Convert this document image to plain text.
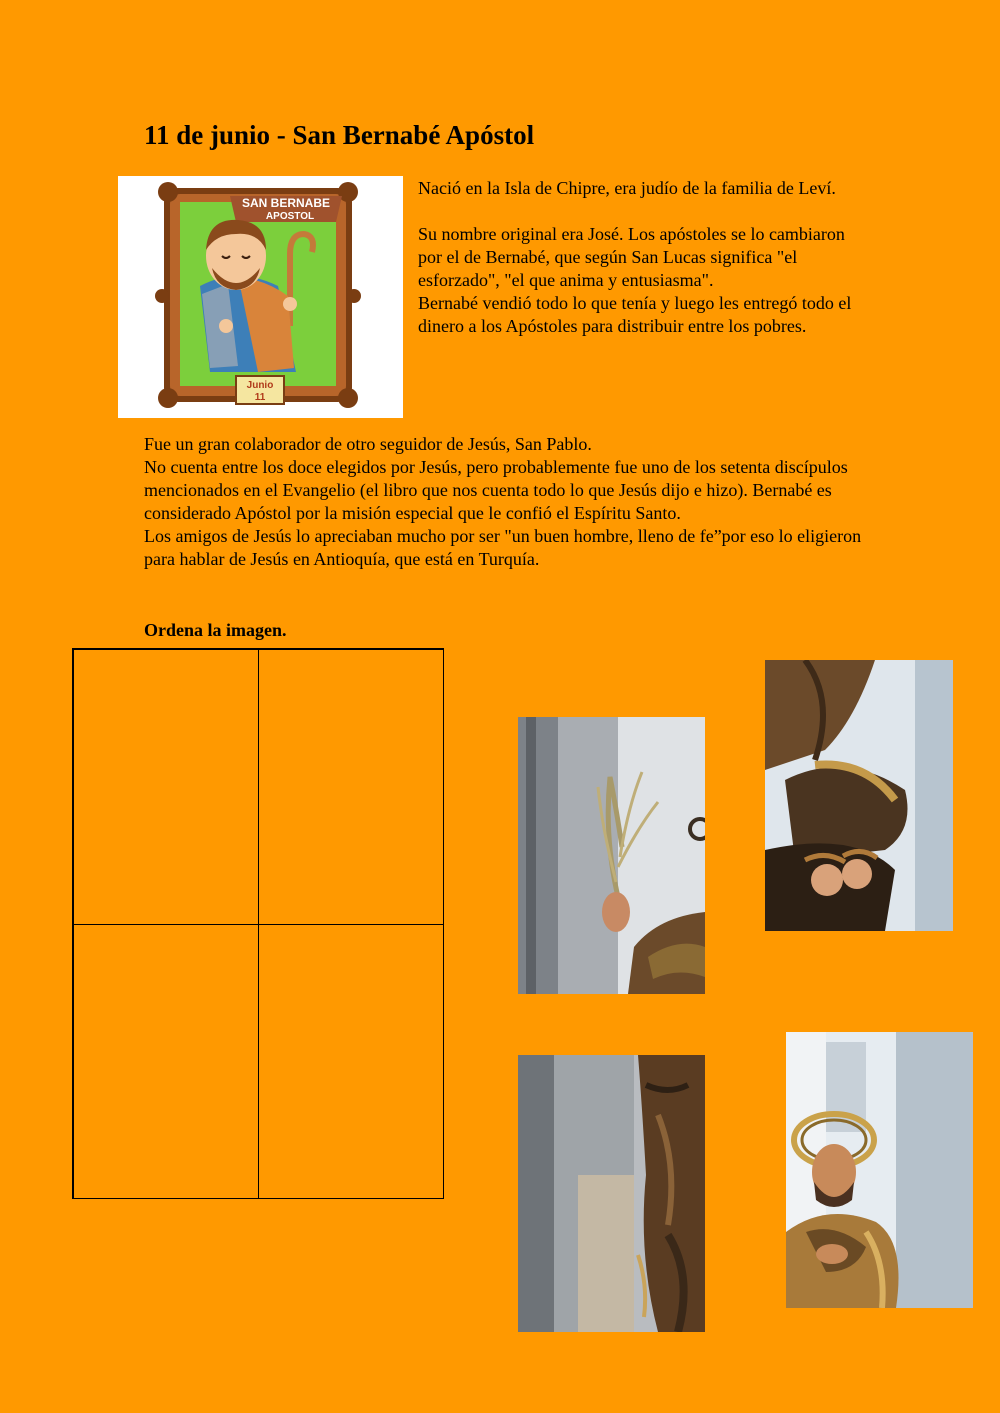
11 de junio - San Bernabé Apóstol
SAN BERNABE
APOSTOL
Junio
11

Nació en la Isla de Chipre, era judío de la familia de Leví.

Su nombre original era José. Los apóstoles se lo cambiaron por el de Bernabé, que según San Lucas significa "el esforzado", "el que anima y entusiasma".

Bernabé vendió todo lo que tenía y luego les entregó todo el dinero a los Apóstoles para distribuir entre los pobres.

Fue un gran colaborador de otro seguidor de Jesús, San Pablo.

No cuenta entre los doce elegidos por Jesús, pero probablemente fue uno de los setenta discípulos mencionados en el Evangelio (el libro que nos cuenta todo lo que Jesús dijo e hizo). Bernabé es considerado Apóstol por la misión especial que le confió el Espíritu Santo.

Los amigos de Jesús lo apreciaban mucho por ser "un buen hombre, lleno de fe”por eso lo eligieron para hablar de Jesús en Antioquía, que está en Turquía.

Ordena la imagen.
